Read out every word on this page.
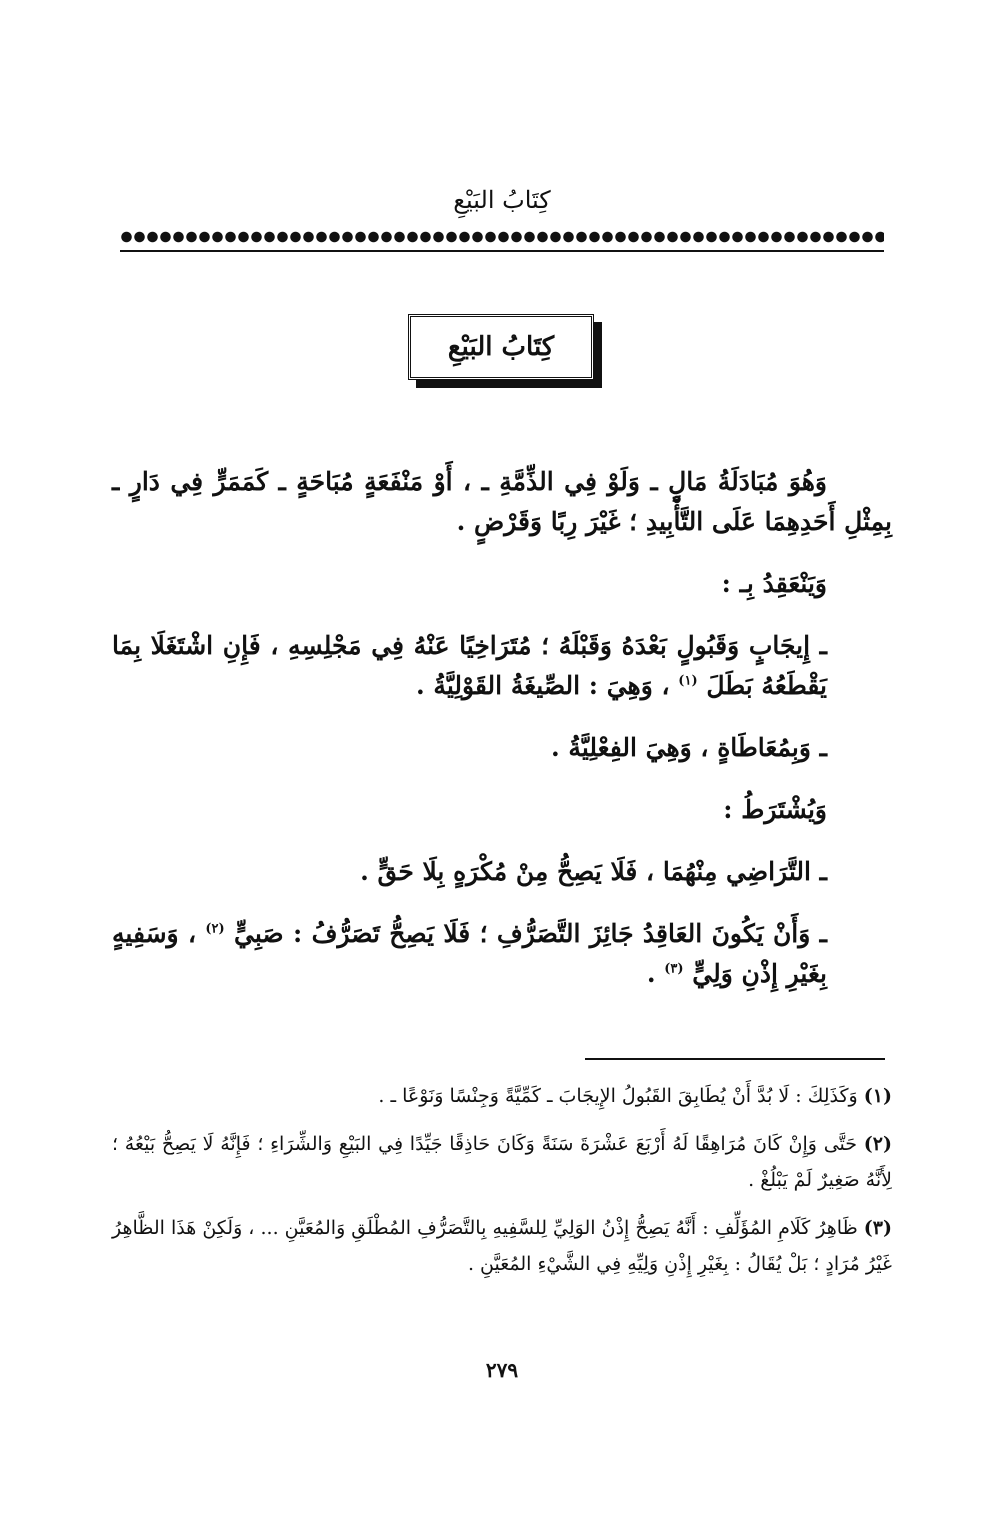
كِتَابُ البَيْعِ
كِتَابُ البَيْعِ

وَهُوَ مُبَادَلَةُ مَالٍ ـ وَلَوْ فِي الذِّمَّةِ ـ ، أَوْ مَنْفَعَةٍ مُبَاحَةٍ ـ كَمَمَرٍّ فِي دَارٍ ـ بِمِثْلِ أَحَدِهِمَا عَلَى التَّأْبِيدِ ؛ غَيْرَ رِبًا وَقَرْضٍ .

وَيَنْعَقِدُ بِـ :

ـ إِيجَابٍ وَقَبُولٍ بَعْدَهُ وَقَبْلَهُ ؛ مُتَرَاخِيًا عَنْهُ فِي مَجْلِسِهِ ، فَإِنِ اشْتَغَلَا بِمَا يَقْطَعُهُ بَطَلَ $^{(١)}$ ، وَهِيَ : الصِّيغَةُ القَوْلِيَّةُ .

ـ وَبِمُعَاطَاةٍ ، وَهِيَ الفِعْلِيَّةُ .

وَيُشْتَرَطُ :

ـ التَّرَاضِي مِنْهُمَا ، فَلَا يَصِحُّ مِنْ مُكْرَهٍ بِلَا حَقٍّ .

ـ وَأَنْ يَكُونَ العَاقِدُ جَائِزَ التَّصَرُّفِ ؛ فَلَا يَصِحُّ تَصَرُّفُ : صَبِيٍّ $^{(٢)}$ ، وَسَفِيهٍ بِغَيْرِ إِذْنِ وَلِيٍّ $^{(٣)}$ .

(١) وَكَذَلِكَ : لَا بُدَّ أَنْ يُطَابِقَ القَبُولُ الإِيجَابَ ـ كَمِّيَّةً وَجِنْسًا وَنَوْعًا ـ .

(٢) حَتَّى وَإِنْ كَانَ مُرَاهِقًا لَهُ أَرْبَعَ عَشْرَةَ سَنَةً وَكَانَ حَاذِقًا جَيِّدًا فِي البَيْعِ وَالشِّرَاءِ ؛ فَإِنَّهُ لَا يَصِحُّ بَيْعُهُ ؛ لِأَنَّهُ صَغِيرٌ لَمْ يَبْلُغْ .

(٣) ظَاهِرُ كَلَامِ المُؤَلِّفِ : أَنَّهُ يَصِحُّ إِذْنُ الوَلِيِّ لِلسَّفِيهِ بِالتَّصَرُّفِ المُطْلَقِ وَالمُعَيَّنِ ... ، وَلَكِنْ هَذَا الظَّاهِرُ غَيْرُ مُرَادٍ ؛ بَلْ يُقَالُ : بِغَيْرِ إِذْنِ وَلِيِّهِ فِي الشَّيْءِ المُعَيَّنِ .

٢٧٩
